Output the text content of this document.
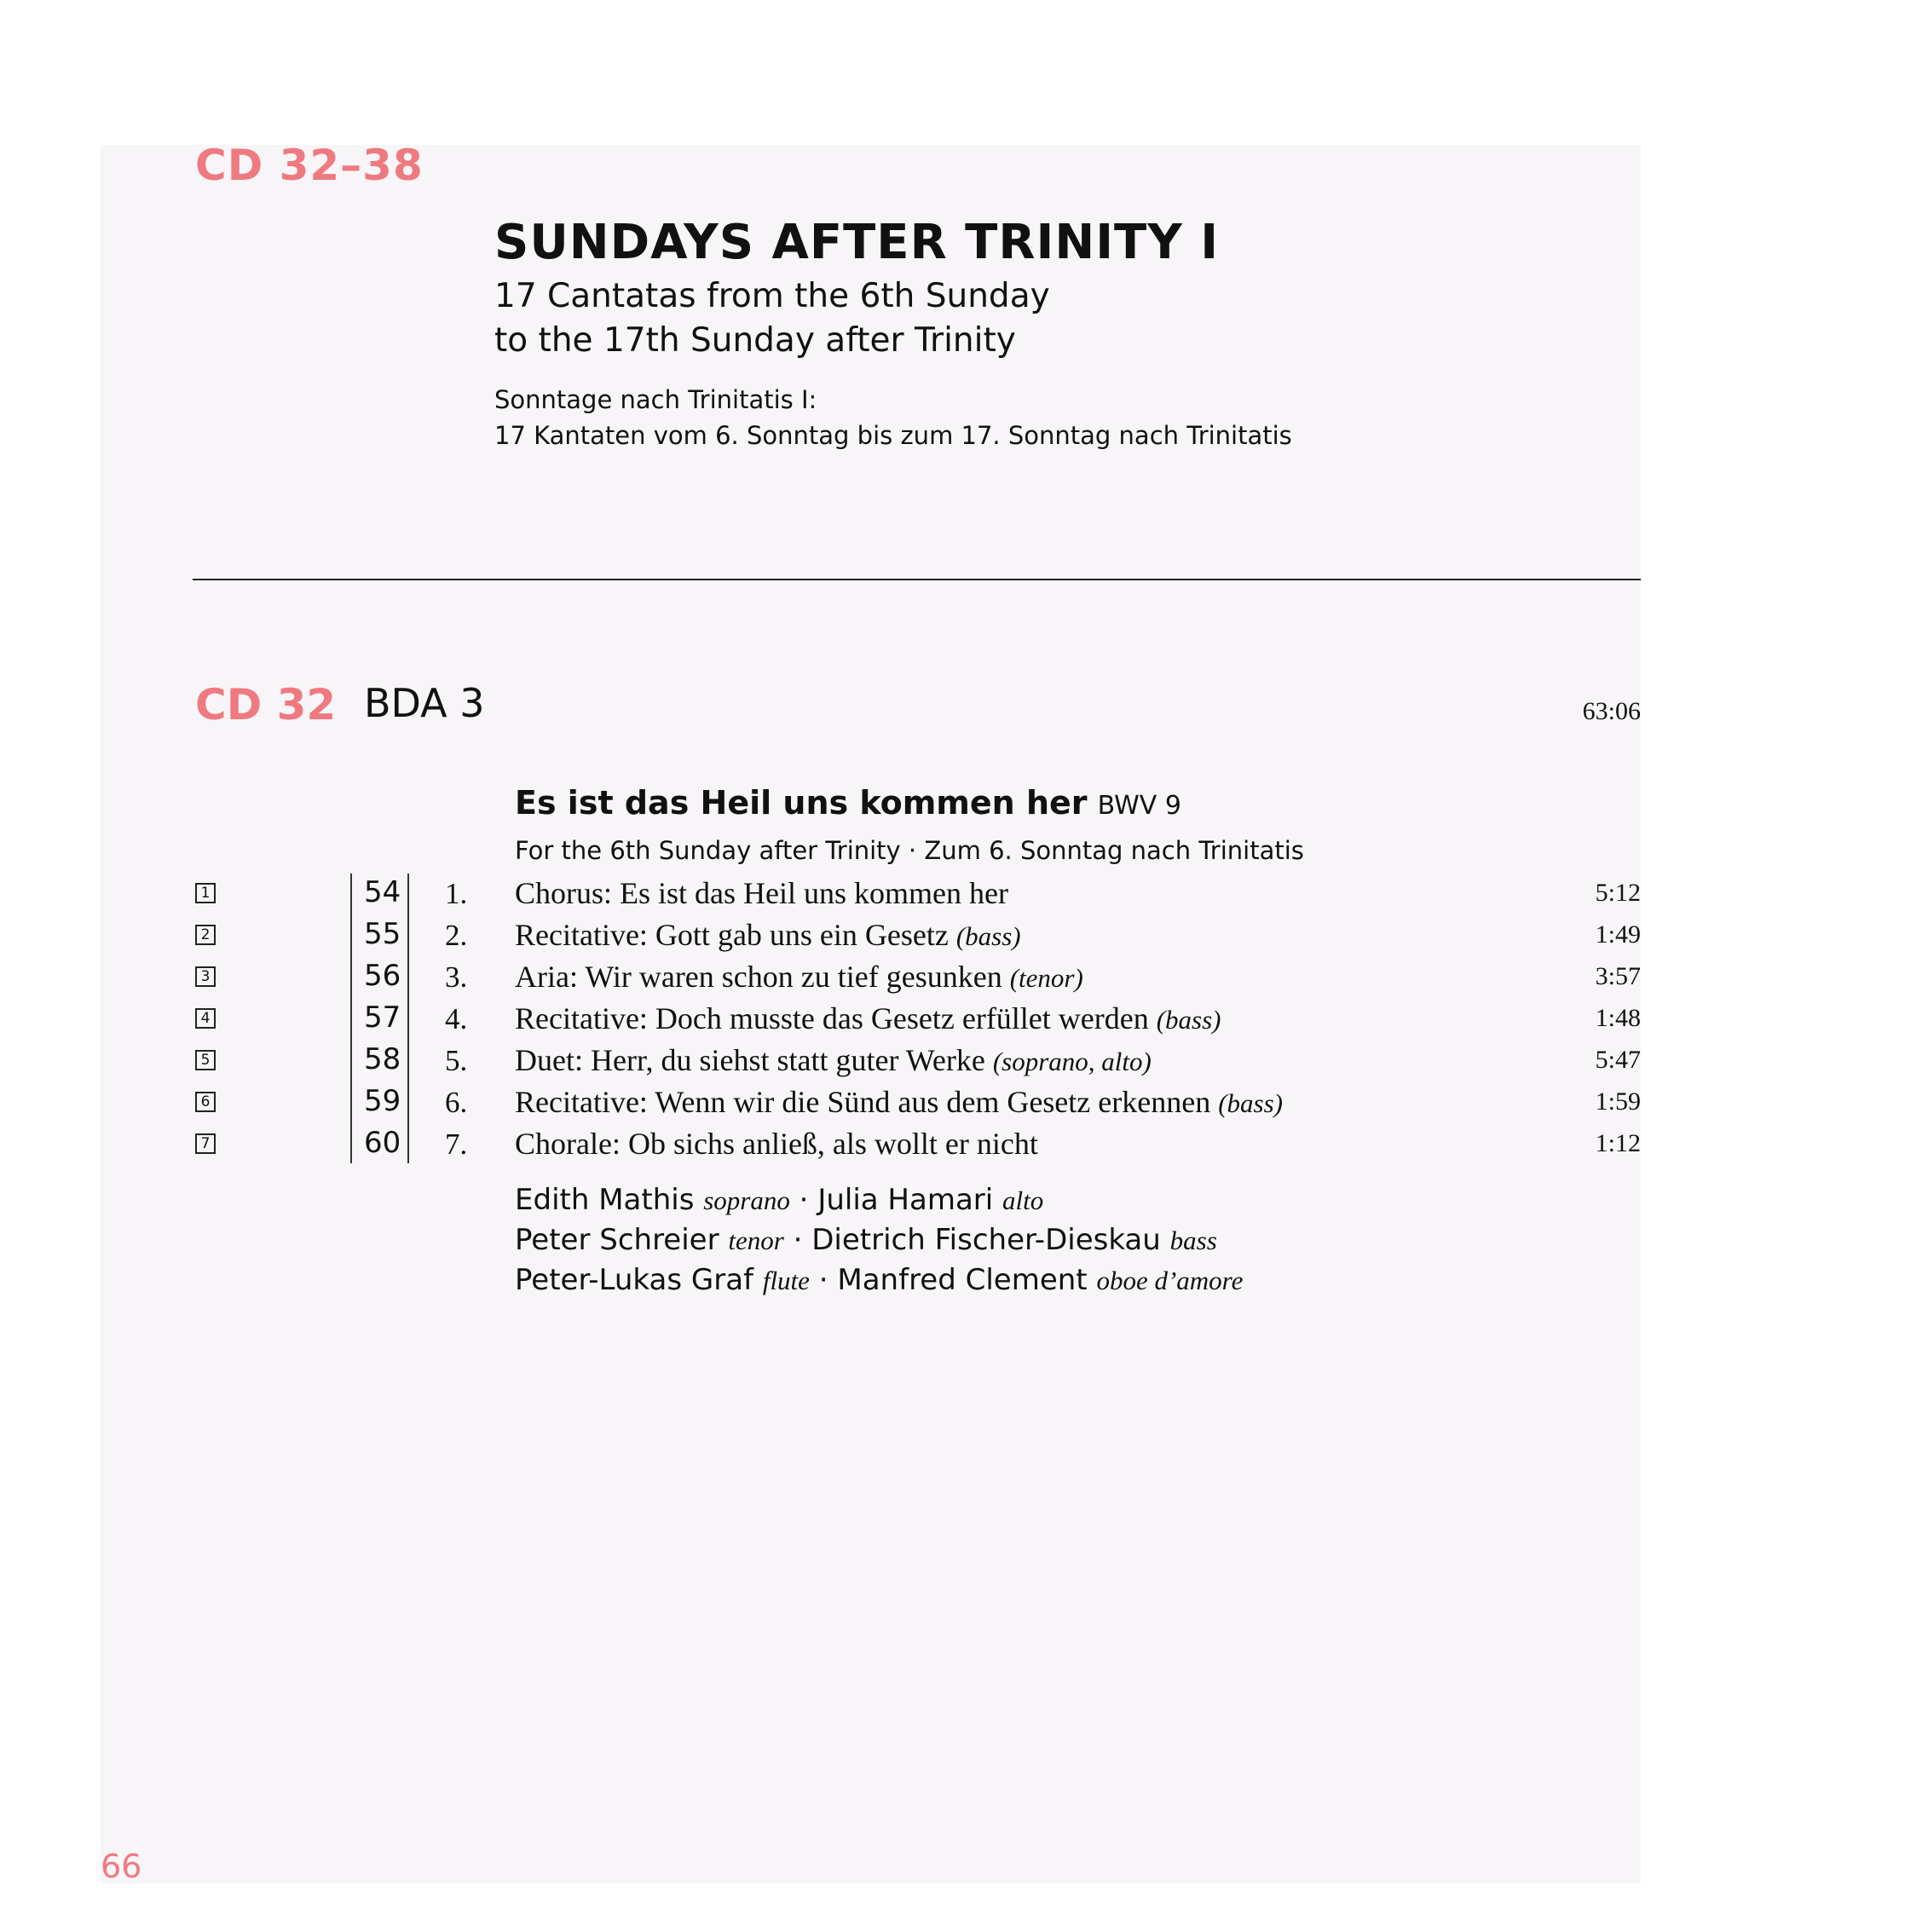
CD 32–38
SUNDAYS AFTER TRINITY I
17 Cantatas from the 6th Sunday
to the 17th Sunday after Trinity
Sonntage nach Trinitatis I:
17 Kantaten vom 6. Sonntag bis zum 17. Sonntag nach Trinitatis
CD 32 BDA 3	63:06
Es ist das Heil uns kommen her BWV 9
For the 6th Sunday after Trinity · Zum 6. Sonntag nach Trinitatis
1	54 1. Chorus: Es ist das Heil uns kommen her	5:12
2	55 2. Recitative: Gott gab uns ein Gesetz (bass)	1:49
3	56 3. Aria: Wir waren schon zu tief gesunken (tenor)	3:57
4	57 4. Recitative: Doch musste das Gesetz erfüllet werden (bass)	1:48
5	58 5. Duet: Herr, du siehst statt guter Werke (soprano, alto)	5:47
6	59 6. Recitative: Wenn wir die Sünd aus dem Gesetz erkennen (bass)	1:59
7	60 7. Chorale: Ob sichs anließ, als wollt er nicht	1:12
Edith Mathis soprano · Julia Hamari alto
Peter Schreier tenor · Dietrich Fischer-Dieskau bass
Peter-Lukas Graf flute · Manfred Clement oboe d’amore
66
